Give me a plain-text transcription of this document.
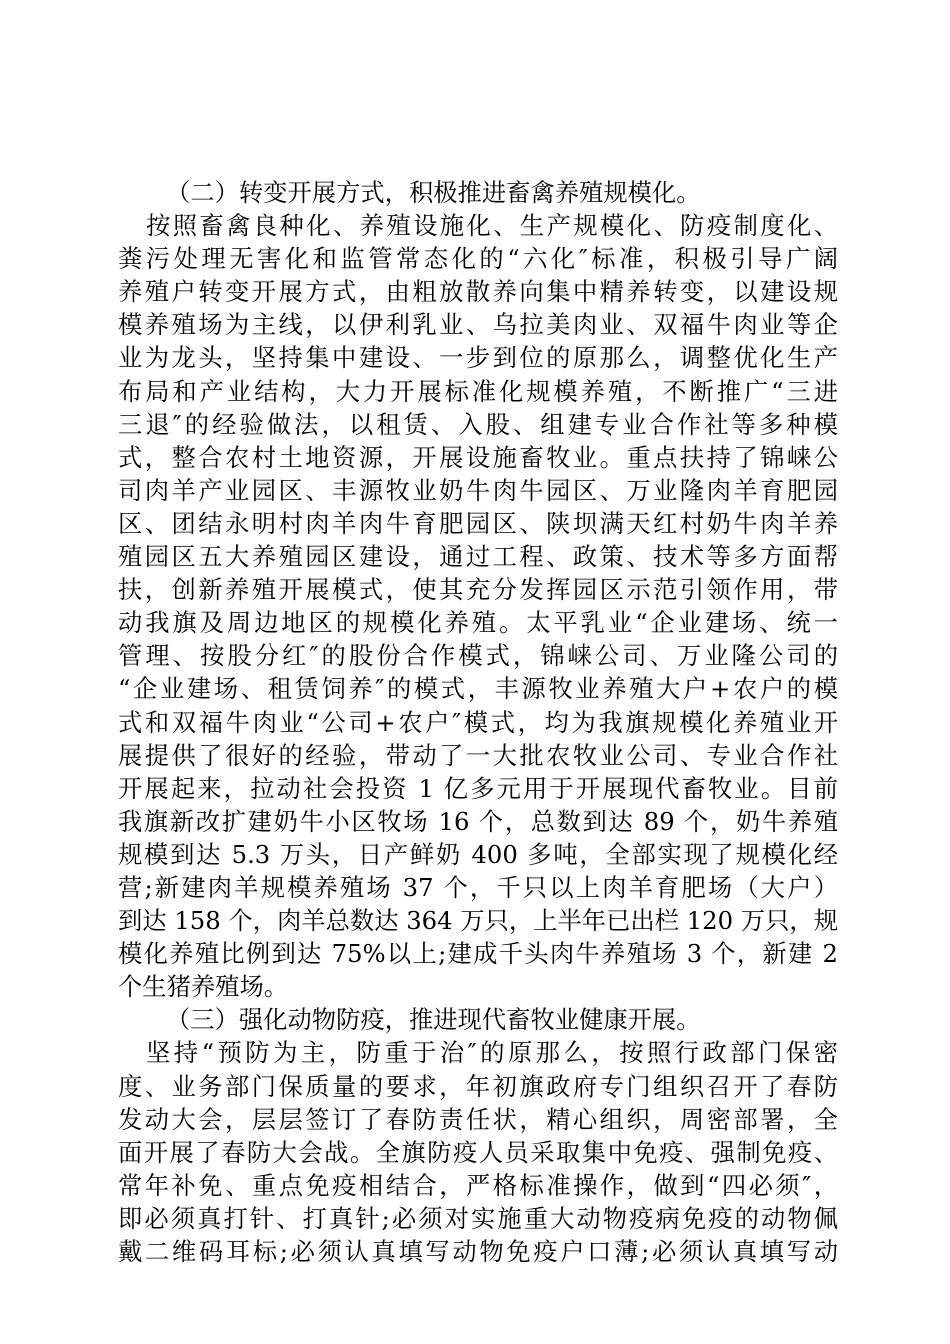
（二）转变开展方式，积极推进畜禽养殖规模化。
按照畜禽良种化、养殖设施化、生产规模化、防疫制度化、
粪污处理无害化和监管常态化的“六化″标准，积极引导广阔
养殖户转变开展方式，由粗放散养向集中精养转变，以建设规
模养殖场为主线，以伊利乳业、乌拉美肉业、双福牛肉业等企
业为龙头，坚持集中建设、一步到位的原那么，调整优化生产
布局和产业结构，大力开展标准化规模养殖，不断推广“三进
三退″的经验做法，以租赁、入股、组建专业合作社等多种模
式，整合农村土地资源，开展设施畜牧业。重点扶持了锦崃公
司肉羊产业园区、丰源牧业奶牛肉牛园区、万业隆肉羊育肥园
区、团结永明村肉羊肉牛育肥园区、陕坝满天红村奶牛肉羊养
殖园区五大养殖园区建设，通过工程、政策、技术等多方面帮
扶，创新养殖开展模式，使其充分发挥园区示范引领作用，带
动我旗及周边地区的规模化养殖。太平乳业“企业建场、统一
管理、按股分红″的股份合作模式，锦崃公司、万业隆公司的
“企业建场、租赁饲养″的模式，丰源牧业养殖大户+农户的模
式和双福牛肉业“公司+农户″模式，均为我旗规模化养殖业开
展提供了很好的经验，带动了一大批农牧业公司、专业合作社
开展起来，拉动社会投资 1 亿多元用于开展现代畜牧业。目前
我旗新改扩建奶牛小区牧场 16 个，总数到达 89 个，奶牛养殖
规模到达 5.3 万头，日产鲜奶 400 多吨，全部实现了规模化经
营;新建肉羊规模养殖场 37 个，千只以上肉羊育肥场（大户）
到达 158 个，肉羊总数达 364 万只，上半年已出栏 120 万只，规
模化养殖比例到达 75%以上;建成千头肉牛养殖场 3 个，新建 2
个生猪养殖场。
（三）强化动物防疫，推进现代畜牧业健康开展。
坚持“预防为主，防重于治″的原那么，按照行政部门保密
度、业务部门保质量的要求，年初旗政府专门组织召开了春防
发动大会，层层签订了春防责任状，精心组织，周密部署，全
面开展了春防大会战。全旗防疫人员采取集中免疫、强制免疫、
常年补免、重点免疫相结合，严格标准操作，做到“四必须″，
即必须真打针、打真针;必须对实施重大动物疫病免疫的动物佩
戴二维码耳标;必须认真填写动物免疫户口薄;必须认真填写动
